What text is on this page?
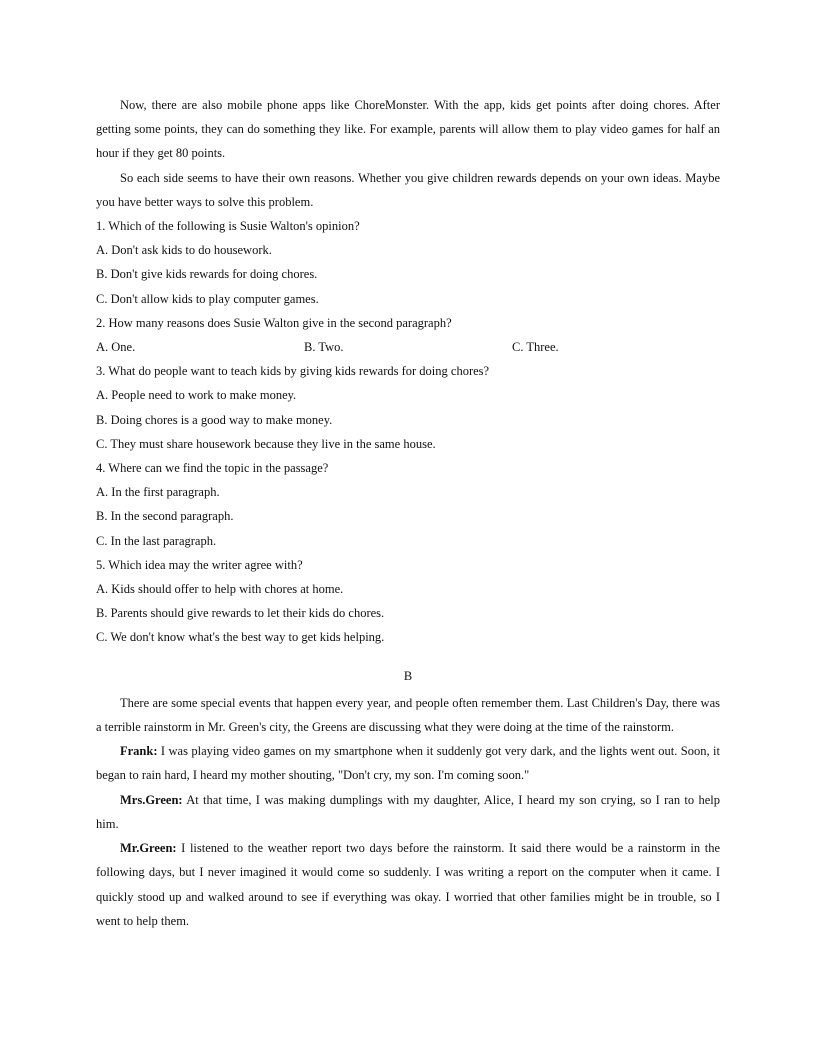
Now, there are also mobile phone apps like ChoreMonster. With the app, kids get points after doing chores. After getting some points, they can do something they like. For example, parents will allow them to play video games for half an hour if they get 80 points.

So each side seems to have their own reasons. Whether you give children rewards depends on your own ideas. Maybe you have better ways to solve this problem.

1. Which of the following is Susie Walton's opinion?

A. Don't ask kids to do housework.

B. Don't give kids rewards for doing chores.

C. Don't allow kids to play computer games.

2. How many reasons does Susie Walton give in the second paragraph?

A. One.	B. Two.	C. Three.

3. What do people want to teach kids by giving kids rewards for doing chores?

A. People need to work to make money.

B. Doing chores is a good way to make money.

C. They must share housework because they live in the same house.

4. Where can we find the topic in the passage?

A. In the first paragraph.

B. In the second paragraph.

C. In the last paragraph.

5. Which idea may the writer agree with?

A. Kids should offer to help with chores at home.

B. Parents should give rewards to let their kids do chores.

C. We don't know what's the best way to get kids helping.

B

There are some special events that happen every year, and people often remember them. Last Children's Day, there was a terrible rainstorm in Mr. Green's city, the Greens are discussing what they were doing at the time of the rainstorm.

Frank: I was playing video games on my smartphone when it suddenly got very dark, and the lights went out. Soon, it began to rain hard, I heard my mother shouting, "Don't cry, my son. I'm coming soon."

Mrs.Green: At that time, I was making dumplings with my daughter, Alice, I heard my son crying, so I ran to help him.

Mr.Green: I listened to the weather report two days before the rainstorm. It said there would be a rainstorm in the following days, but I never imagined it would come so suddenly. I was writing a report on the computer when it came. I quickly stood up and walked around to see if everything was okay. I worried that other families might be in trouble, so I went to help them.
